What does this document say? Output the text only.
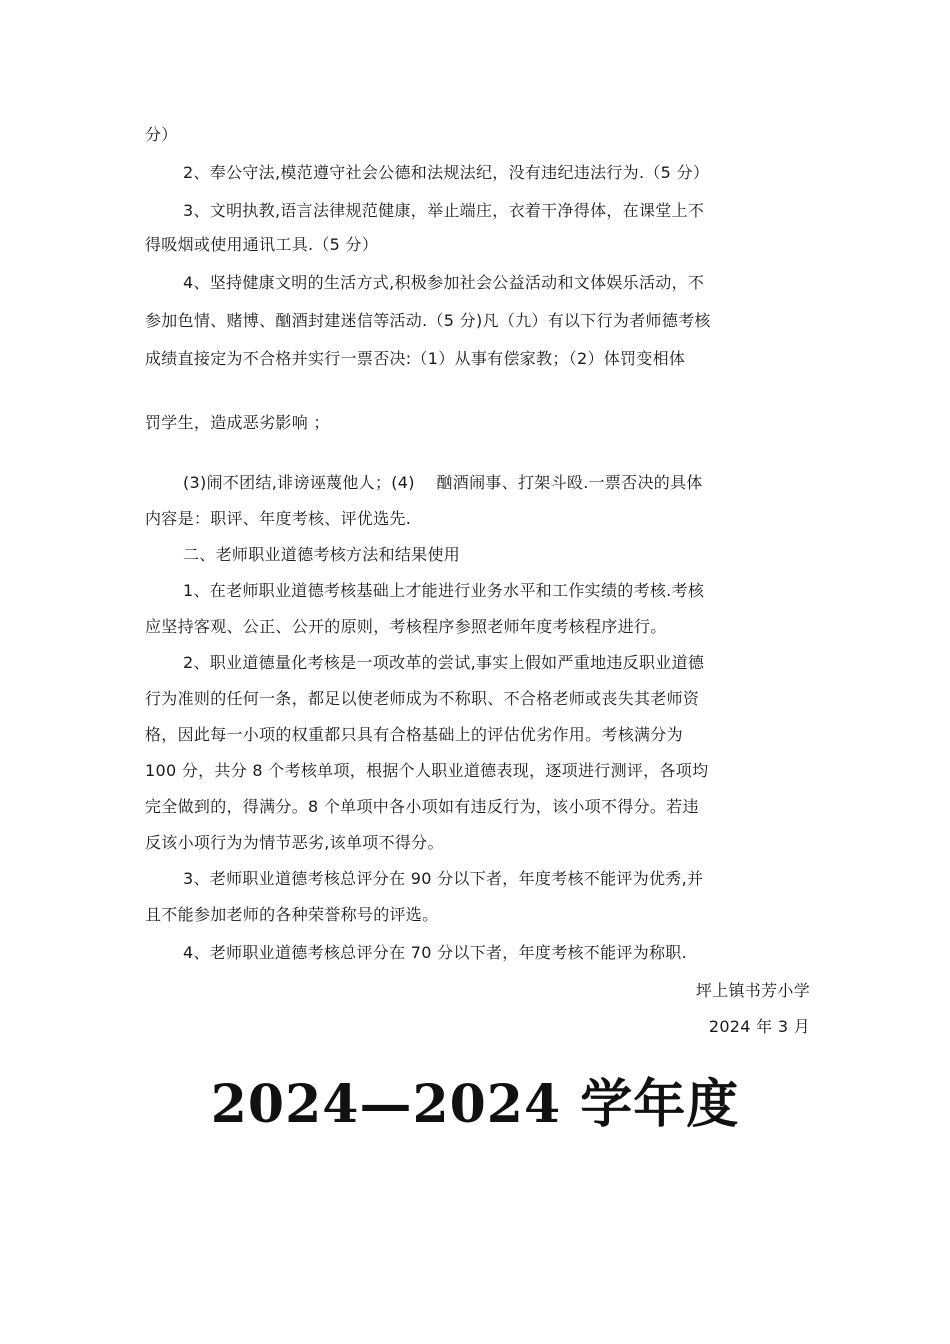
分）

2、奉公守法,模范遵守社会公德和法规法纪，没有违纪违法行为.（5 分）

3、文明执教,语言法律规范健康，举止端庄，衣着干净得体，在课堂上不

得吸烟或使用通讯工具.（5 分）

4、坚持健康文明的生活方式,积极参加社会公益活动和文体娱乐活动，不

参加色情、赌博、酗酒封建迷信等活动.（5 分)凡（九）有以下行为者师德考核

成绩直接定为不合格并实行一票否决:（1）从事有偿家教；（2）体罚变相体

罚学生，造成恶劣影响 ；

(3)闹不团结,诽谤诬蔑他人；(4)　 酗酒闹事、打架斗殴.一票否决的具体

内容是：职评、年度考核、评优选先.

二、老师职业道德考核方法和结果使用

1、在老师职业道德考核基础上才能进行业务水平和工作实绩的考核.考核

应坚持客观、公正、公开的原则，考核程序参照老师年度考核程序进行。

2、职业道德量化考核是一项改革的尝试,事实上假如严重地违反职业道德

行为准则的任何一条，都足以使老师成为不称职、不合格老师或丧失其老师资

格，因此每一小项的权重都只具有合格基础上的评估优劣作用。考核满分为

100 分，共分 8 个考核单项，根据个人职业道德表现，逐项进行测评，各项均

完全做到的，得满分。8 个单项中各小项如有违反行为，该小项不得分。若违

反该小项行为为情节恶劣,该单项不得分。

3、老师职业道德考核总评分在 90 分以下者，年度考核不能评为优秀,并

且不能参加老师的各种荣誉称号的评选。

4、老师职业道德考核总评分在 70 分以下者，年度考核不能评为称职.

坪上镇书芳小学

2024 年 3 月

2024—2024 学年度
